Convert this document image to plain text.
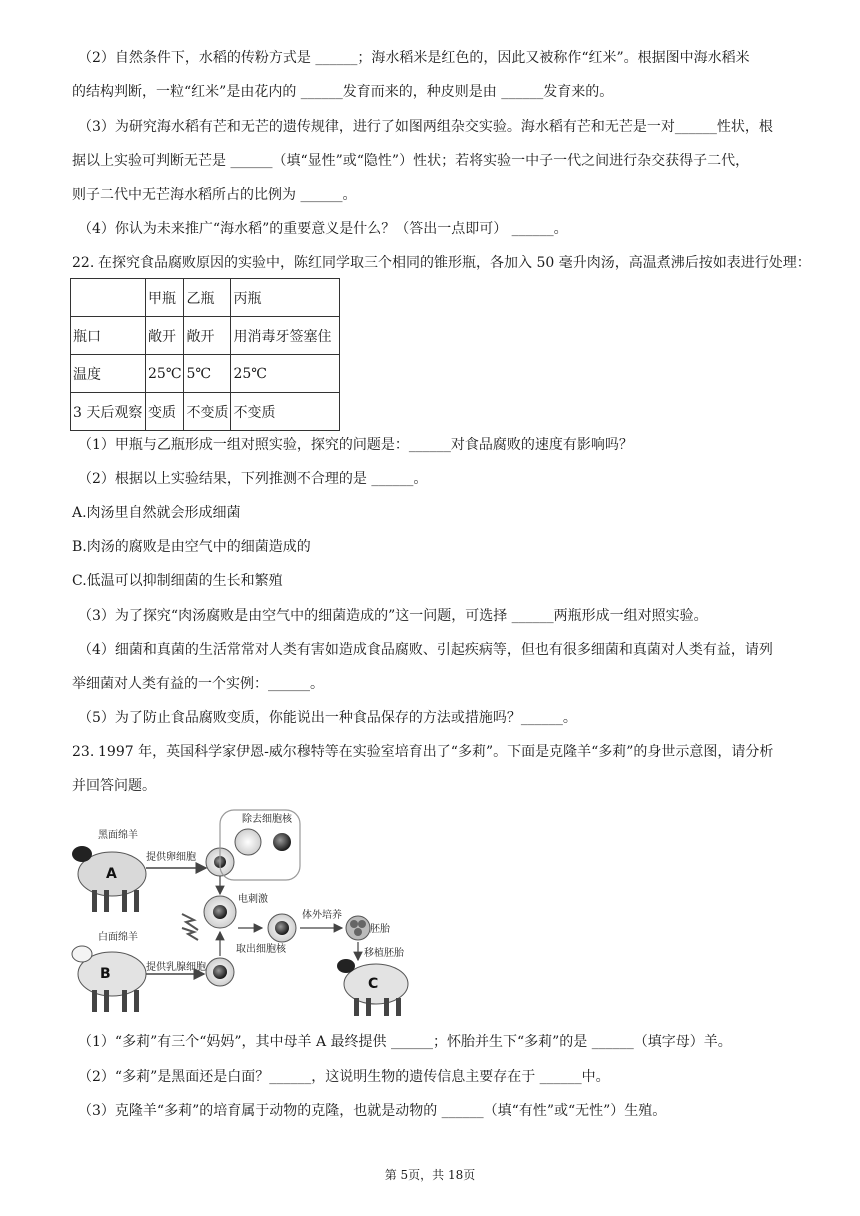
（2）自然条件下，水稻的传粉方式是 ______；海水稻米是红色的，因此又被称作“红米”。根据图中海水稻米
的结构判断，一粒“红米”是由花内的 ______发育而来的，种皮则是由 ______发育来的。
（3）为研究海水稻有芒和无芒的遗传规律，进行了如图两组杂交实验。海水稻有芒和无芒是一对______性状，根
据以上实验可判断无芒是 ______（填“显性”或“隐性”）性状；若将实验一中子一代之间进行杂交获得子二代，
则子二代中无芒海水稻所占的比例为 ______。
（4）你认为未来推广“海水稻”的重要意义是什么？（答出一点即可） ______。
22. 在探究食品腐败原因的实验中，陈红同学取三个相同的锥形瓶，各加入 50 毫升肉汤，高温煮沸后按如表进行处理：
	甲瓶	乙瓶	丙瓶
瓶口	敞开	敞开	用消毒牙签塞住
温度	25℃	5℃	25℃
3 天后观察	变质	不变质	不变质
（1）甲瓶与乙瓶形成一组对照实验，探究的问题是：______对食品腐败的速度有影响吗？
（2）根据以上实验结果，下列推测不合理的是 ______。
A.肉汤里自然就会形成细菌
B.肉汤的腐败是由空气中的细菌造成的
C.低温可以抑制细菌的生长和繁殖
（3）为了探究“肉汤腐败是由空气中的细菌造成的”这一问题，可选择 ______两瓶形成一组对照实验。
（4）细菌和真菌的生活常常对人类有害如造成食品腐败、引起疾病等，但也有很多细菌和真菌对人类有益，请列
举细菌对人类有益的一个实例：______。
（5）为了防止食品腐败变质，你能说出一种食品保存的方法或措施吗？______。
23. 1997 年，英国科学家伊恩-威尔穆特等在实验室培育出了“多莉”。下面是克隆羊“多莉”的身世示意图，请分析
并回答问题。
黑面绵羊
A
提供卵细胞
除去细胞核
电刺激
体外培养
胚胎
移植胚胎
白面绵羊
B	提供乳腺细胞
取出细胞核
C
（1）“多莉”有三个“妈妈”，其中母羊 A 最终提供 ______；怀胎并生下“多莉”的是 ______（填字母）羊。
（2）“多莉”是黑面还是白面？______，这说明生物的遗传信息主要存在于 ______中。
（3）克隆羊“多莉”的培育属于动物的克隆，也就是动物的 ______（填“有性”或“无性”）生殖。
第 5页，共 18页
